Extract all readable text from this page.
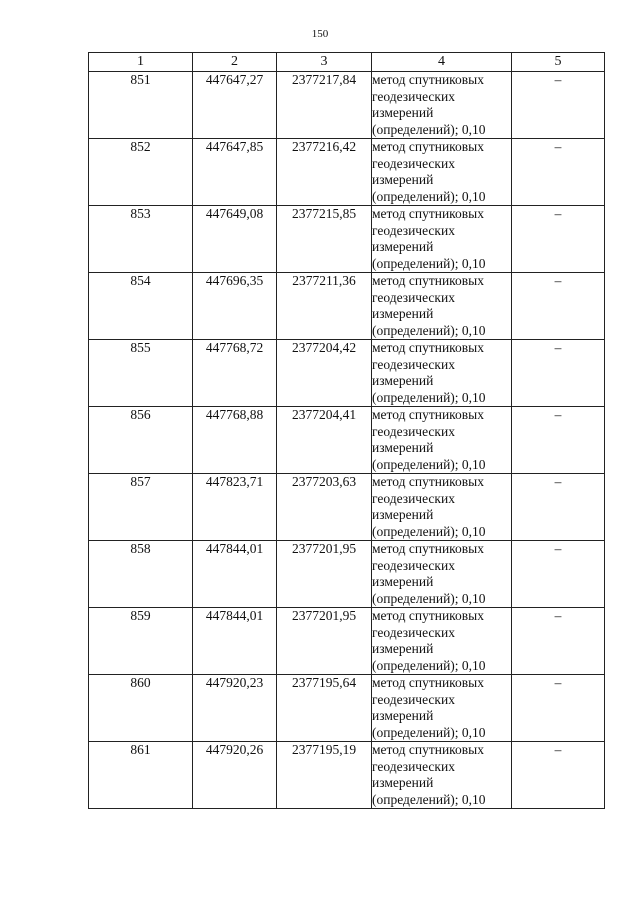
150
1	2	3	4	5
851	447647,27	2377217,84	метод спутниковых
геодезических
измерений
(определений); 0,10	–
852	447647,85	2377216,42	метод спутниковых
геодезических
измерений
(определений); 0,10	–
853	447649,08	2377215,85	метод спутниковых
геодезических
измерений
(определений); 0,10	–
854	447696,35	2377211,36	метод спутниковых
геодезических
измерений
(определений); 0,10	–
855	447768,72	2377204,42	метод спутниковых
геодезических
измерений
(определений); 0,10	–
856	447768,88	2377204,41	метод спутниковых
геодезических
измерений
(определений); 0,10	–
857	447823,71	2377203,63	метод спутниковых
геодезических
измерений
(определений); 0,10	–
858	447844,01	2377201,95	метод спутниковых
геодезических
измерений
(определений); 0,10	–
859	447844,01	2377201,95	метод спутниковых
геодезических
измерений
(определений); 0,10	–
860	447920,23	2377195,64	метод спутниковых
геодезических
измерений
(определений); 0,10	–
861	447920,26	2377195,19	метод спутниковых
геодезических
измерений
(определений); 0,10	–
